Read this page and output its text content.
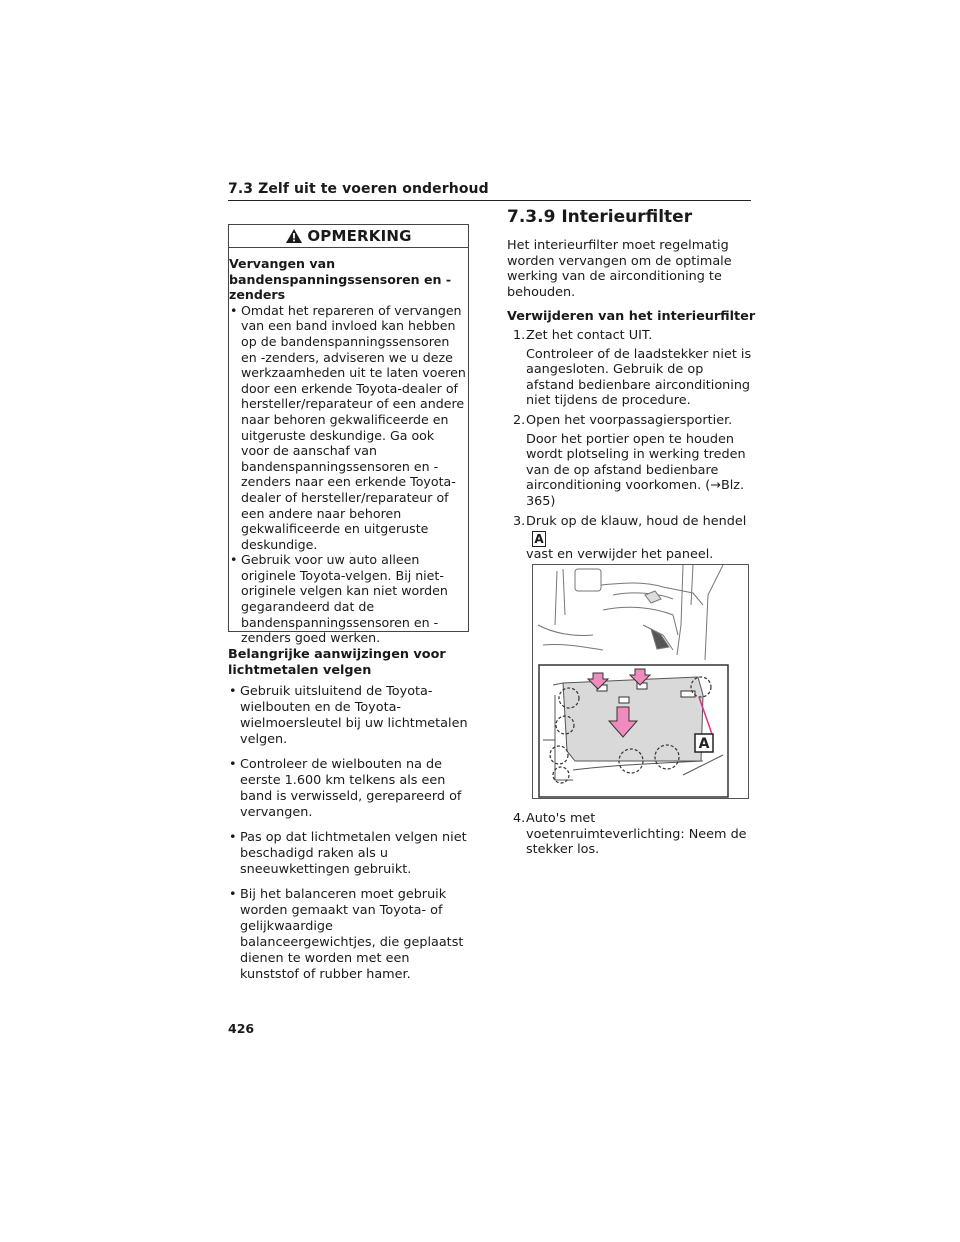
7.3 Zelf uit te voeren onderhoud
OPMERKING
Vervangen van bandenspanningssensoren en -zenders
• Omdat het repareren of vervangen van een band invloed kan hebben op de bandenspanningssensoren en -zenders, adviseren we u deze werkzaamheden uit te laten voeren door een erkende Toyota-dealer of hersteller/reparateur of een andere naar behoren gekwalificeerde en uitgeruste deskundige. Ga ook voor de aanschaf van bandenspanningssensoren en -zenders naar een erkende Toyota-dealer of hersteller/reparateur of een andere naar behoren gekwalificeerde en uitgeruste deskundige.
• Gebruik voor uw auto alleen originele Toyota-velgen. Bij niet-originele velgen kan niet worden gegarandeerd dat de bandenspanningssensoren en -zenders goed werken.
Belangrijke aanwijzingen voor lichtmetalen velgen
• Gebruik uitsluitend de Toyota-wielbouten en de Toyota-wielmoersleutel bij uw lichtmetalen velgen.
• Controleer de wielbouten na de eerste 1.600 km telkens als een band is verwisseld, gerepareerd of vervangen.
• Pas op dat lichtmetalen velgen niet beschadigd raken als u sneeuwkettingen gebruikt.
• Bij het balanceren moet gebruik worden gemaakt van Toyota- of gelijkwaardige balanceergewichtjes, die geplaatst dienen te worden met een kunststof of rubber hamer.
7.3.9 Interieurfilter
Het interieurfilter moet regelmatig worden vervangen om de optimale werking van de airconditioning te behouden.
Verwijderen van het interieurfilter
1. Zet het contact UIT.
Controleer of de laadstekker niet is aangesloten. Gebruik de op afstand bedienbare airconditioning niet tijdens de procedure.
2. Open het voorpassagiersportier.
Door het portier open te houden wordt plotseling in werking treden van de op afstand bedienbare airconditioning voorkomen. (→Blz. 365)
3. Druk op de klauw, houd de hendelA
vast en verwijder het paneel.
A
4. Auto's met voetenruimteverlichting: Neem de stekker los.
426
